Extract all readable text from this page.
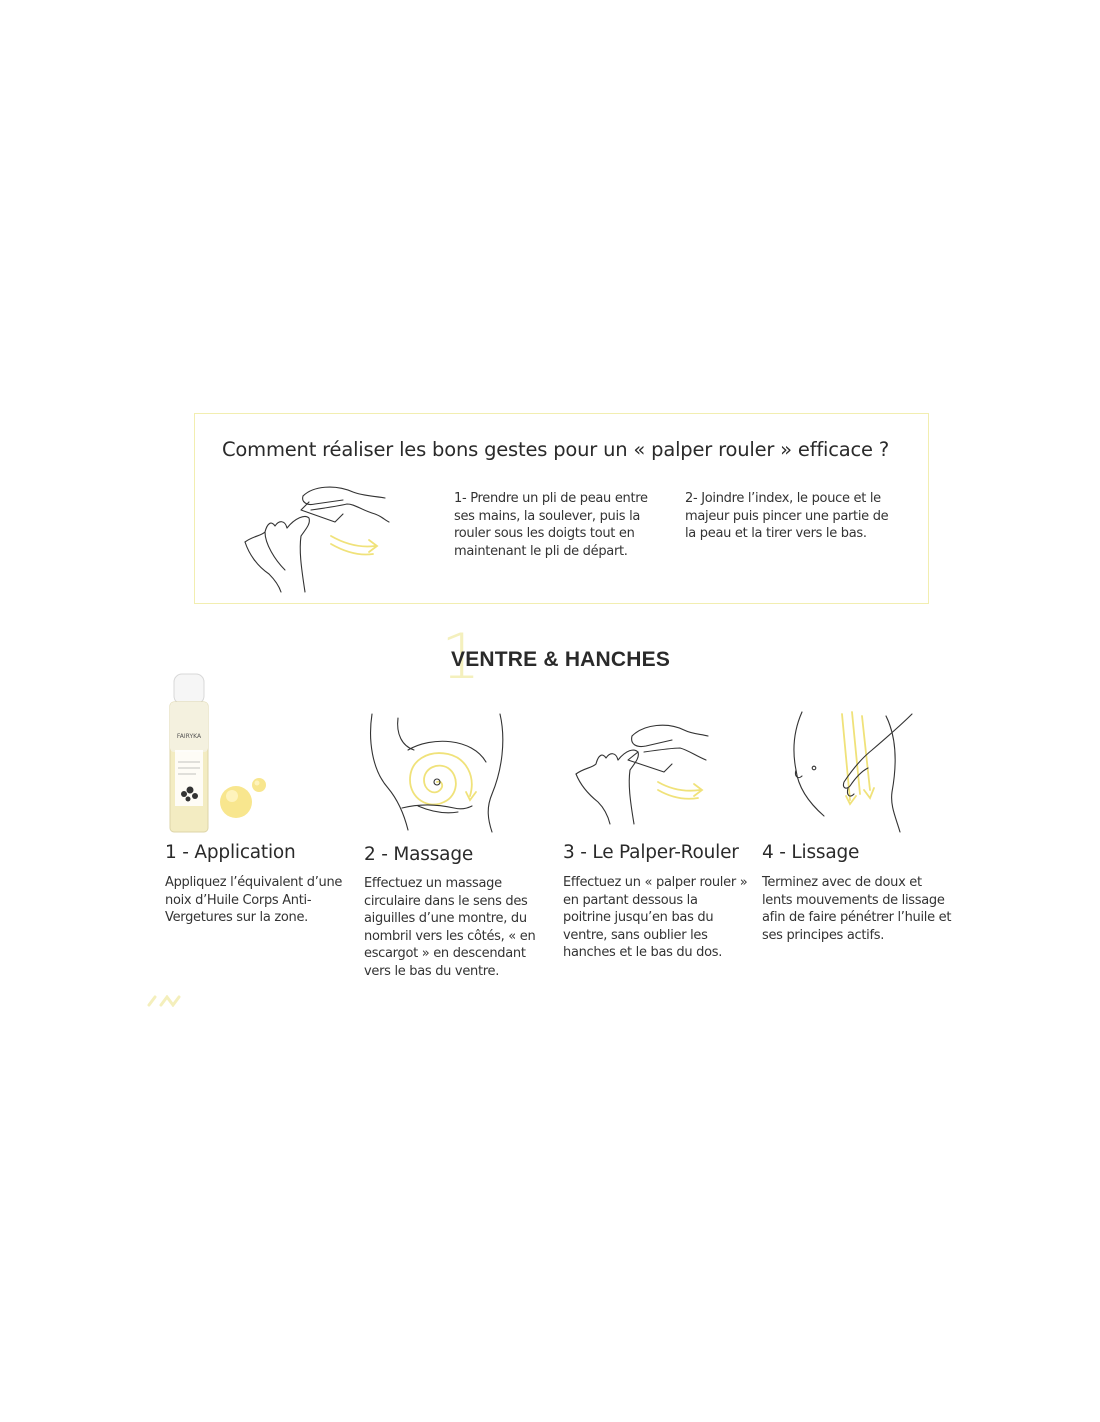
Comment réaliser les bons gestes pour un « palper rouler » efficace ?
1- Prendre un pli de peau entre ses mains, la soulever, puis la rouler sous les doigts tout en maintenant le pli de départ.
2- Joindre l’index, le pouce et le majeur puis pincer une partie de la peau et la tirer vers le bas.
1
VENTRE & HANCHES
FAIRYKA
1 - Application
Appliquez l’équivalent d’une noix d’Huile Corps Anti-Vergetures sur la zone.
2 - Massage
Effectuez un massage circulaire dans le sens des aiguilles d’une montre, du nombril vers les côtés, « en escargot » en descendant vers le bas du ventre.
3 - Le Palper-Rouler
Effectuez un « palper rouler » en partant dessous la poitrine jusqu’en bas du ventre, sans oublier les hanches et le bas du dos.
4 - Lissage
Terminez avec de doux et lents mouvements de lissage afin de faire pénétrer l’huile et ses principes actifs.
